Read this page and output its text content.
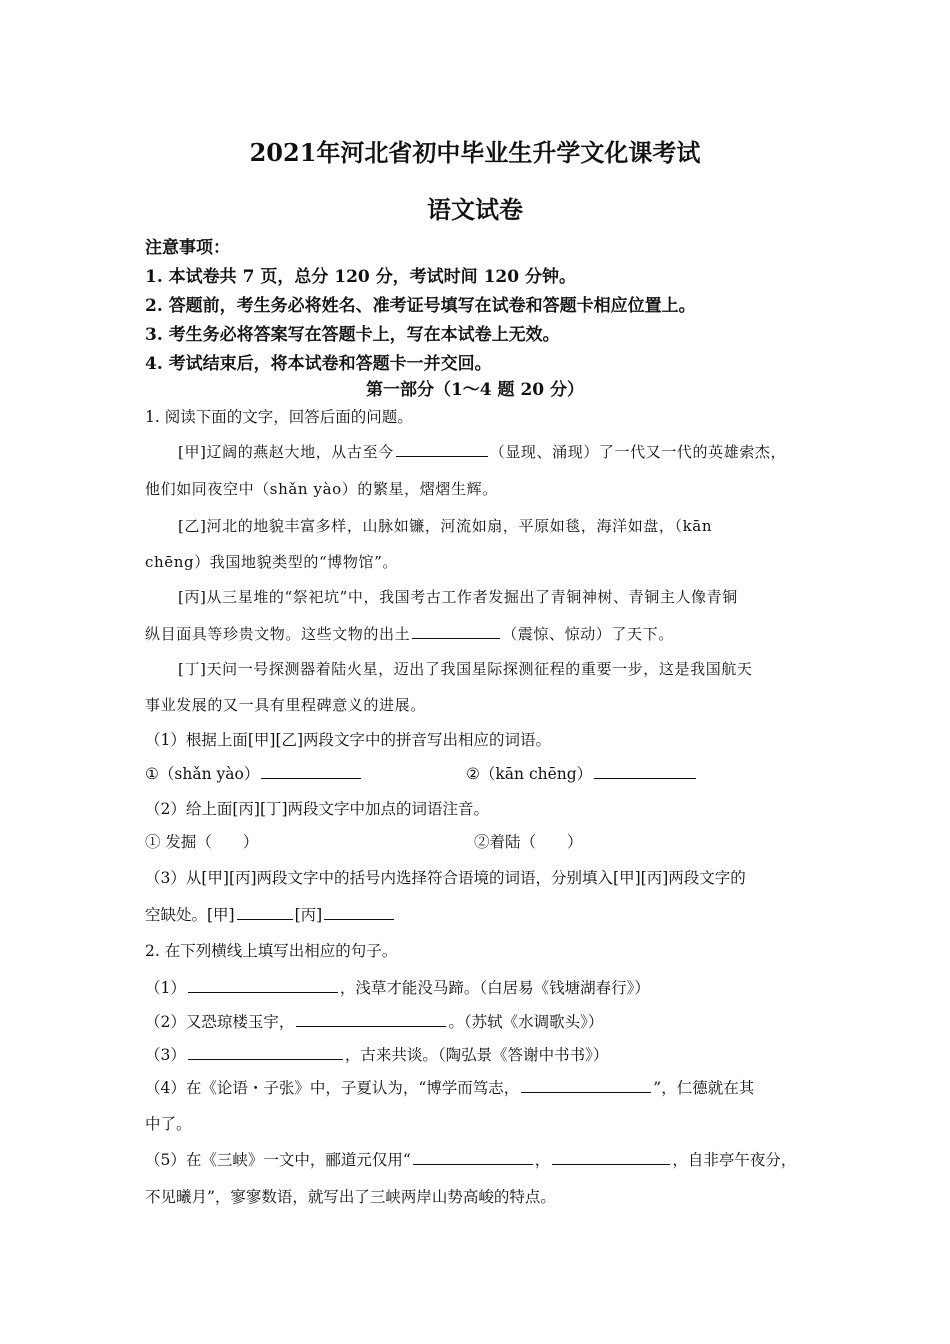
2021年河北省初中毕业生升学文化课考试
语文试卷
注意事项：
1. 本试卷共 7 页，总分 120 分，考试时间 120 分钟。
2. 答题前，考生务必将姓名、准考证号填写在试卷和答题卡相应位置上。
3. 考生务必将答案写在答题卡上，写在本试卷上无效。
4. 考试结束后，将本试卷和答题卡一并交回。
第一部分（1～4 题 20 分）
1. 阅读下面的文字，回答后面的问题。
[甲]辽阔的燕赵大地，从古至今	（显现、涌现）了一代又一代的英雄索杰，
他们如同夜空中（shǎn yào）的繁星，熠熠生辉。
[乙]河北的地貌丰富多样，山脉如镰，河流如扇，平原如毯，海洋如盘，（kān
chēng）我国地貌类型的“博物馆”。
[丙]从三星堆的“祭祀坑”中，我国考古工作者发掘出了青铜神树、青铜主人像青铜
纵目面具等珍贵文物。这些文物的出土	（震惊、惊动）了天下。
[丁]天问一号探测器着陆火星，迈出了我国星际探测征程的重要一步，这是我国航天
事业发展的又一具有里程碑意义的进展。
（1）根据上面[甲][乙]两段文字中的拼音写出相应的词语。
①（shǎn yào）	②（kān chēng）
（2）给上面[丙][丁]两段文字中加点的词语注音。
① 发掘（　　）	②着陆（　　）
（3）从[甲][丙]两段文字中的括号内选择符合语境的词语，分别填入[甲][丙]两段文字的
空缺处。[甲]	[丙]
2. 在下列横线上填写出相应的句子。
（1）	，浅草才能没马蹄。（白居易《钱塘湖春行》）
（2）又恐琼楼玉宇，	。（苏轼《水调歌头》）
（3）	，古来共谈。（陶弘景《答谢中书书》）
（4）在《论语・子张》中，子夏认为，“博学而笃志，	”，仁德就在其
中了。
（5）在《三峡》一文中，郦道元仅用“	，	，自非亭午夜分，
不见曦月”，寥寥数语，就写出了三峡两岸山势高峻的特点。
